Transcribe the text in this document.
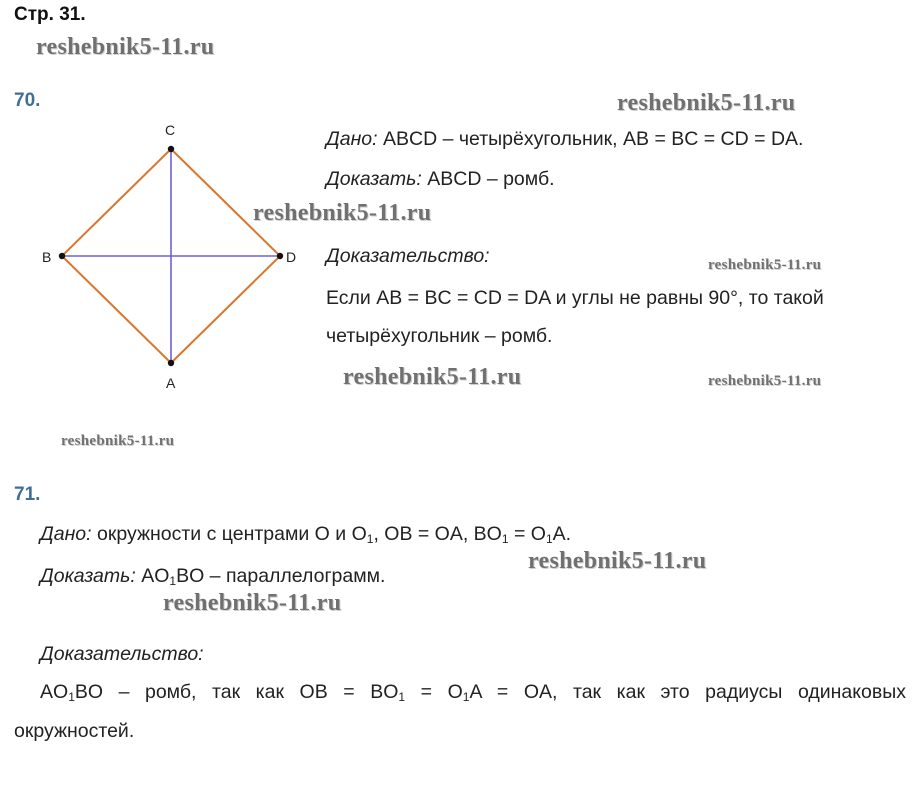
Стр. 31.
reshebnik5-11.ru
reshebnik5-11.ru
reshebnik5-11.ru
reshebnik5-11.ru
reshebnik5-11.ru	reshebnik5-11.ru
reshebnik5-11.ru
reshebnik5-11.ru
reshebnik5-11.ru
70.
C
B	D
A
Дано: ABCD – четырёхугольник, AB = BC = CD = DA.
Доказать: ABCD – ромб.
Доказательство:
Если AB = BC = CD = DA и углы не равны 90°, то такой
четырёхугольник – ромб.
71.
Дано: окружности с центрами O и $O_1$, OB = OA, $BO_1 = O_1A$.
Доказать: $AO_1BO$ – параллелограмм.
Доказательство:
$AO_1BO$ – ромб, так как OB = $BO_1 = O_1A$ = OA, так как это радиусы одинаковых
окружностей.
